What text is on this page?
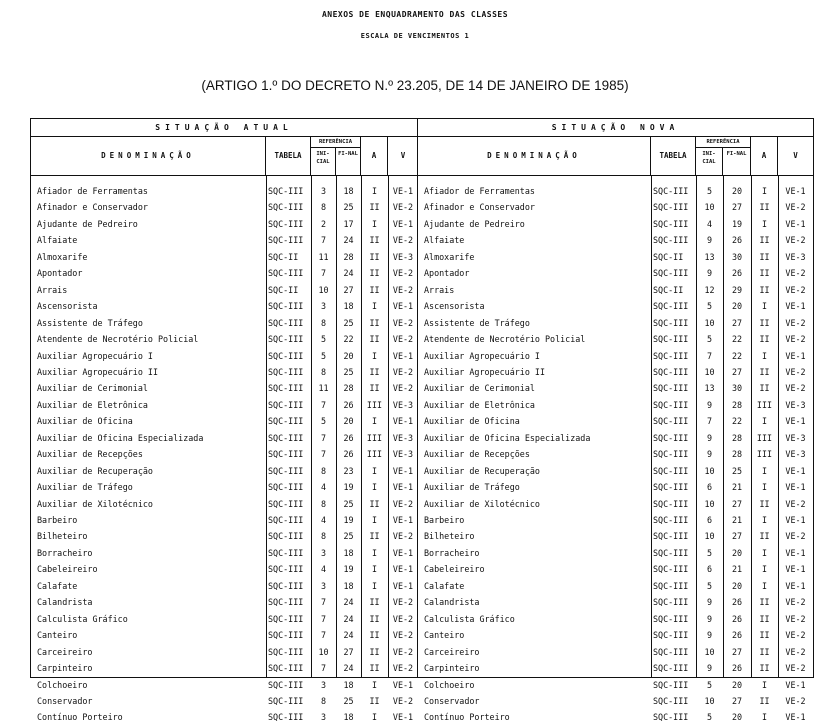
ANEXOS DE ENQUADRAMENTO DAS CLASSES
ESCALA DE VENCIMENTOS 1
(ARTIGO 1.º DO DECRETO N.º 23.205, DE 14 DE JANEIRO DE 1985)
SITUAÇÃO ATUAL
DENOMINAÇÃO	TABELA
REFERÊNCIA
INI-CIAL
FI-NAL	A	V
Afiador de Ferramentas	SQC-III	3	18	I	VE-1
Afinador e Conservador	SQC-III	8	25	II	VE-2
Ajudante de Pedreiro	SQC-III	2	17	I	VE-1
Alfaiate	SQC-III	7	24	II	VE-2
Almoxarife	SQC-II	11	28	II	VE-3
Apontador	SQC-III	7	24	II	VE-2
Arrais	SQC-II	10	27	II	VE-2
Ascensorista	SQC-III	3	18	I	VE-1
Assistente de Tráfego	SQC-III	8	25	II	VE-2
Atendente de Necrotério Policial	SQC-III	5	22	II	VE-2
Auxiliar Agropecuário I	SQC-III	5	20	I	VE-1
Auxiliar Agropecuário II	SQC-III	8	25	II	VE-2
Auxiliar de Cerimonial	SQC-III	11	28	II	VE-2
Auxiliar de Eletrônica	SQC-III	7	26	III	VE-3
Auxiliar de Oficina	SQC-III	5	20	I	VE-1
Auxiliar de Oficina Especializada	SQC-III	7	26	III	VE-3
Auxiliar de Recepções	SQC-III	7	26	III	VE-3
Auxiliar de Recuperação	SQC-III	8	23	I	VE-1
Auxiliar de Tráfego	SQC-III	4	19	I	VE-1
Auxiliar de Xilotécnico	SQC-III	8	25	II	VE-2
Barbeiro	SQC-III	4	19	I	VE-1
Bilheteiro	SQC-III	8	25	II	VE-2
Borracheiro	SQC-III	3	18	I	VE-1
Cabeleireiro	SQC-III	4	19	I	VE-1
Calafate	SQC-III	3	18	I	VE-1
Calandrista	SQC-III	7	24	II	VE-2
Calculista Gráfico	SQC-III	7	24	II	VE-2
Canteiro	SQC-III	7	24	II	VE-2
Carceireiro	SQC-III	10	27	II	VE-2
Carpinteiro	SQC-III	7	24	II	VE-2
Colchoeiro	SQC-III	3	18	I	VE-1
Conservador	SQC-III	8	25	II	VE-2
Contínuo Porteiro	SQC-III	3	18	I	VE-1
SITUAÇÃO NOVA
DENOMINAÇÃO	TABELA
REFERÊNCIA
INI-CIAL
FI-NAL	A	V
Afiador de Ferramentas	SQC-III	5	20	I	VE-1
Afinador e Conservador	SQC-III	10	27	II	VE-2
Ajudante de Pedreiro	SQC-III	4	19	I	VE-1
Alfaiate	SQC-III	9	26	II	VE-2
Almoxarife	SQC-II	13	30	II	VE-3
Apontador	SQC-III	9	26	II	VE-2
Arrais	SQC-II	12	29	II	VE-2
Ascensorista	SQC-III	5	20	I	VE-1
Assistente de Tráfego	SQC-III	10	27	II	VE-2
Atendente de Necrotério Policial	SQC-III	5	22	II	VE-2
Auxiliar Agropecuário I	SQC-III	7	22	I	VE-1
Auxiliar Agropecuário II	SQC-III	10	27	II	VE-2
Auxiliar de Cerimonial	SQC-III	13	30	II	VE-2
Auxiliar de Eletrônica	SQC-III	9	28	III	VE-3
Auxiliar de Oficina	SQC-III	7	22	I	VE-1
Auxiliar de Oficina Especializada	SQC-III	9	28	III	VE-3
Auxiliar de Recepções	SQC-III	9	28	III	VE-3
Auxiliar de Recuperação	SQC-III	10	25	I	VE-1
Auxiliar de Tráfego	SQC-III	6	21	I	VE-1
Auxiliar de Xilotécnico	SQC-III	10	27	II	VE-2
Barbeiro	SQC-III	6	21	I	VE-1
Bilheteiro	SQC-III	10	27	II	VE-2
Borracheiro	SQC-III	5	20	I	VE-1
Cabeleireiro	SQC-III	6	21	I	VE-1
Calafate	SQC-III	5	20	I	VE-1
Calandrista	SQC-III	9	26	II	VE-2
Calculista Gráfico	SQC-III	9	26	II	VE-2
Canteiro	SQC-III	9	26	II	VE-2
Carceireiro	SQC-III	10	27	II	VE-2
Carpinteiro	SQC-III	9	26	II	VE-2
Colchoeiro	SQC-III	5	20	I	VE-1
Conservador	SQC-III	10	27	II	VE-2
Contínuo Porteiro	SQC-III	5	20	I	VE-1
